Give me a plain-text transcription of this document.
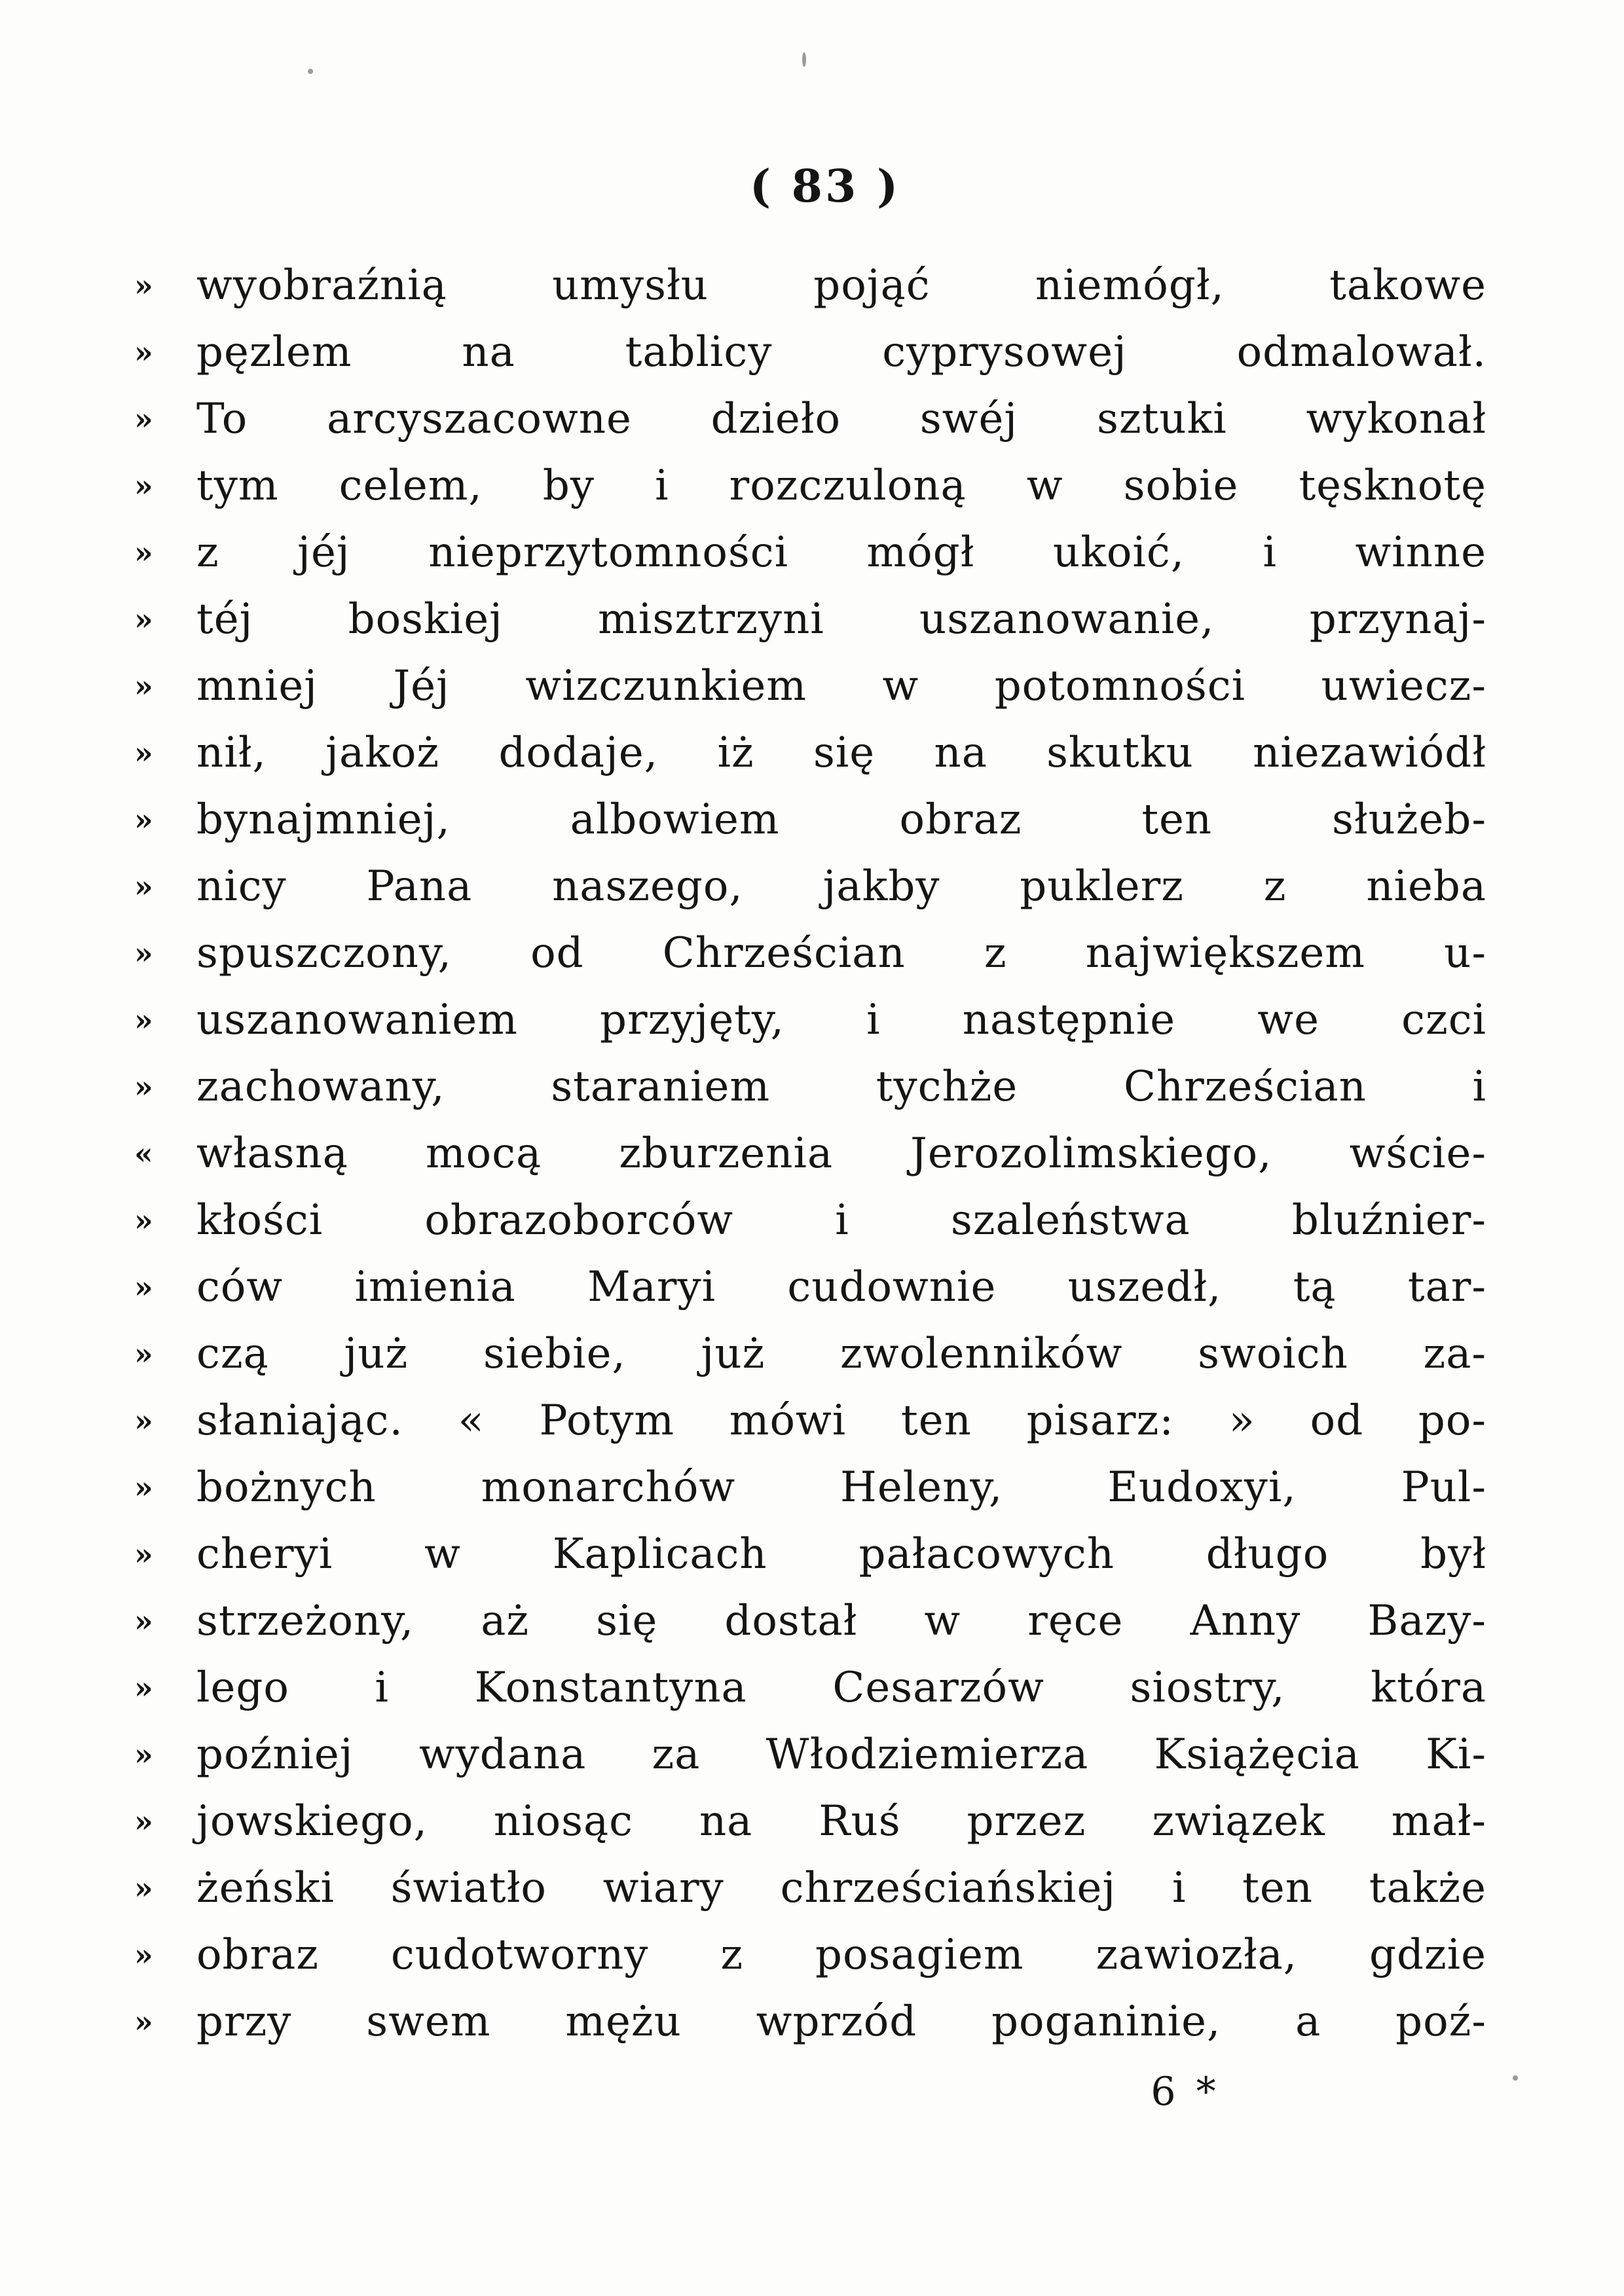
( 83 )
»	wyobraźnią umysłu pojąć niemógł, takowe
»	pęzlem na tablicy cyprysowej odmalował.
»	To arcyszacowne dzieło swéj sztuki wykonał
»	tym celem, by i rozczuloną w sobie tęsknotę
»	z jéj nieprzytomności mógł ukoić, i winne
»	téj boskiej misztrzyni uszanowanie, przynaj-
»	mniej Jéj wizczunkiem w potomności uwiecz-
»	nił, jakoż dodaje, iż się na skutku niezawiódł
»	bynajmniej, albowiem obraz ten służeb-
»	nicy Pana naszego, jakby puklerz z nieba
»	spuszczony, od Chrześcian z największem u-
»	uszanowaniem przyjęty, i następnie we czci
»	zachowany, staraniem tychże Chrześcian i
«	własną mocą zburzenia Jerozolimskiego, wście-
»	kłości obrazoborców i szaleństwa bluźnier-
»	ców imienia Maryi cudownie uszedł, tą tar-
»	czą już siebie, już zwolenników swoich za-
»	słaniając. « Potym mówi ten pisarz: » od po-
»	bożnych monarchów Heleny, Eudoxyi, Pul-
»	cheryi w Kaplicach pałacowych długo był
»	strzeżony, aż się dostał w ręce Anny Bazy-
»	lego i Konstantyna Cesarzów siostry, która
»	poźniej wydana za Włodziemierza Książęcia Ki-
»	jowskiego, niosąc na Ruś przez związek mał-
»	żeński światło wiary chrześciańskiej i ten także
»	obraz cudotworny z posagiem zawiozła, gdzie
»	przy swem mężu wprzód poganinie, a poź-
6 *
